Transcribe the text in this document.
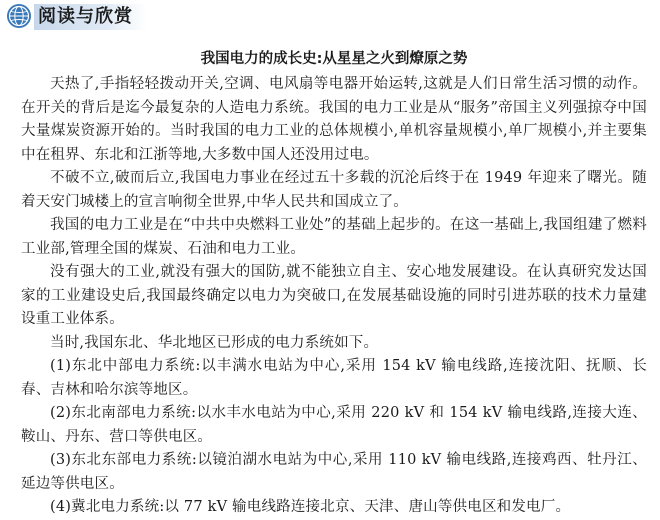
阅读与欣赏
我国电力的成长史:从星星之火到燎原之势

天热了,手指轻轻拨动开关,空调、电风扇等电器开始运转,这就是人们日常生活习惯的动作。在开关的背后是迄今最复杂的人造电力系统。我国的电力工业是从“服务”帝国主义列强掠夺中国大量煤炭资源开始的。当时我国的电力工业的总体规模小,单机容量规模小,单厂规模小,并主要集中在租界、东北和江浙等地,大多数中国人还没用过电。

不破不立,破而后立,我国电力事业在经过五十多载的沉沦后终于在 1949 年迎来了曙光。随着天安门城楼上的宣言响彻全世界,中华人民共和国成立了。

我国的电力工业是在“中共中央燃料工业处”的基础上起步的。在这一基础上,我国组建了燃料工业部,管理全国的煤炭、石油和电力工业。

没有强大的工业,就没有强大的国防,就不能独立自主、安心地发展建设。在认真研究发达国家的工业建设史后,我国最终确定以电力为突破口,在发展基础设施的同时引进苏联的技术力量建设重工业体系。

当时,我国东北、华北地区已形成的电力系统如下。

(1)东北中部电力系统:以丰满水电站为中心,采用 154 kV 输电线路,连接沈阳、抚顺、长春、吉林和哈尔滨等地区。

(2)东北南部电力系统:以水丰水电站为中心,采用 220 kV 和 154 kV 输电线路,连接大连、鞍山、丹东、营口等供电区。

(3)东北东部电力系统:以镜泊湖水电站为中心,采用 110 kV 输电线路,连接鸡西、牡丹江、延边等供电区。

(4)冀北电力系统:以 77 kV 输电线路连接北京、天津、唐山等供电区和发电厂。
